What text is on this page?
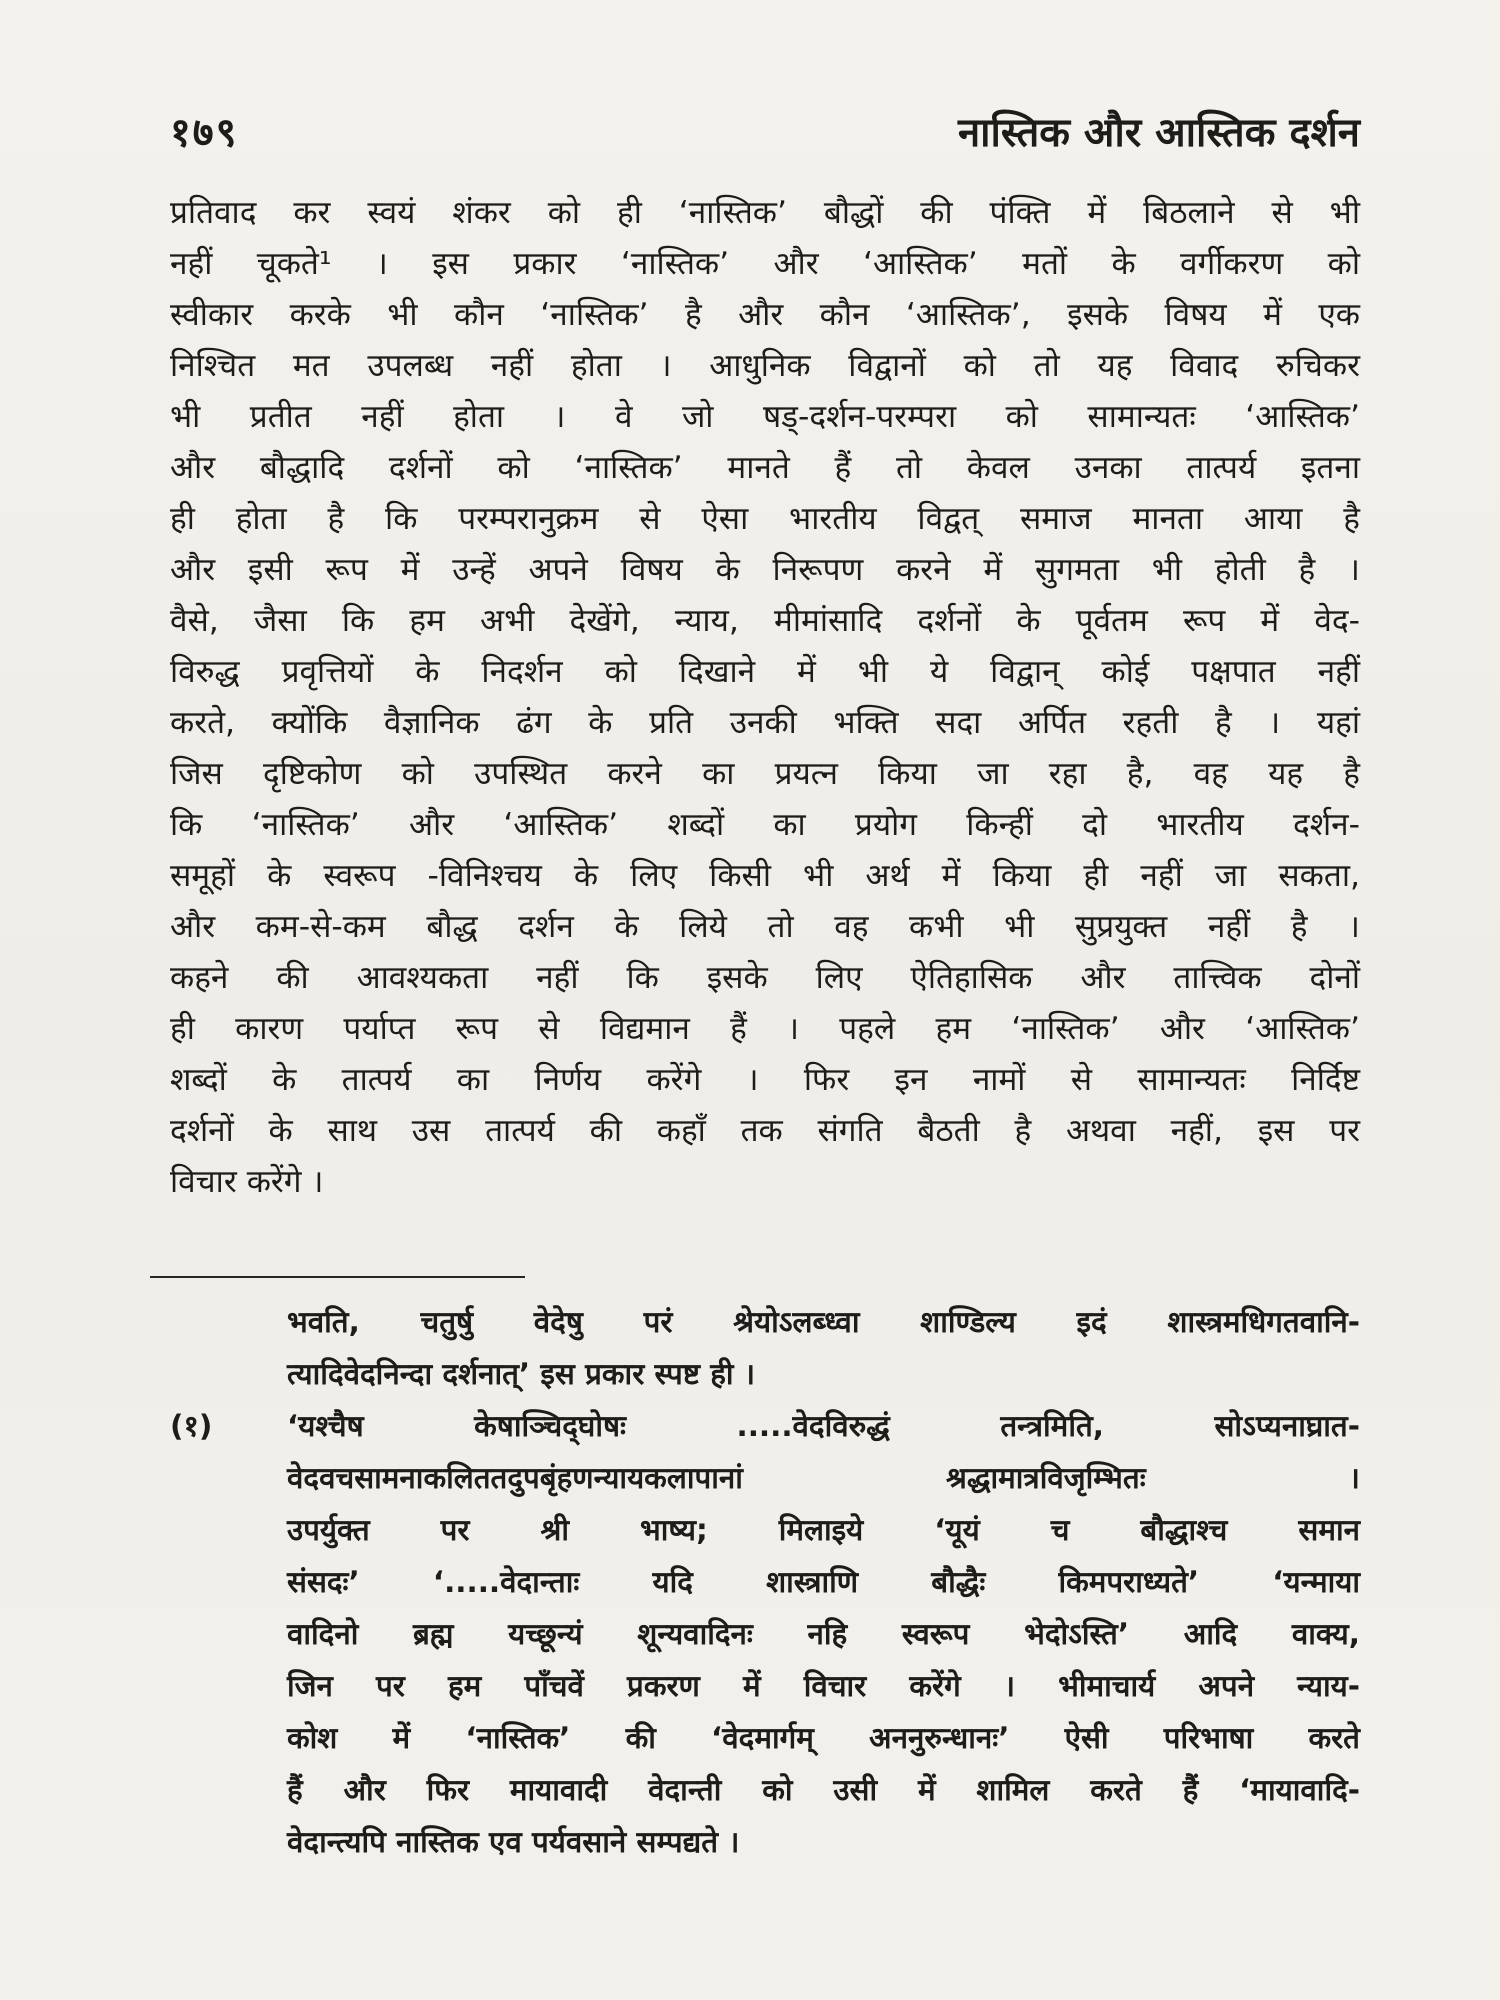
१७९	नास्तिक और आस्तिक दर्शन
प्रतिवाद कर स्वयं शंकर को ही ‘नास्तिक’ बौद्धों की पंक्ति में बिठलाने से भी
नहीं चूकते¹ । इस प्रकार ‘नास्तिक’ और ‘आस्तिक’ मतों के वर्गीकरण को
स्वीकार करके भी कौन ‘नास्तिक’ है और कौन ‘आस्तिक’, इसके विषय में एक
निश्चित मत उपलब्ध नहीं होता । आधुनिक विद्वानों को तो यह विवाद रुचिकर
भी प्रतीत नहीं होता । वे जो षड्-दर्शन-परम्परा को सामान्यतः ‘आस्तिक’
और बौद्धादि दर्शनों को ‘नास्तिक’ मानते हैं तो केवल उनका तात्पर्य इतना
ही होता है कि परम्परानुक्रम से ऐसा भारतीय विद्वत् समाज मानता आया है
और इसी रूप में उन्हें अपने विषय के निरूपण करने में सुगमता भी होती है ।
वैसे, जैसा कि हम अभी देखेंगे, न्याय, मीमांसादि दर्शनों के पूर्वतम रूप में वेद-
विरुद्ध प्रवृत्तियों के निदर्शन को दिखाने में भी ये विद्वान् कोई पक्षपात नहीं
करते, क्योंकि वैज्ञानिक ढंग के प्रति उनकी भक्ति सदा अर्पित रहती है । यहां
जिस दृष्टिकोण को उपस्थित करने का प्रयत्न किया जा रहा है, वह यह है
कि ‘नास्तिक’ और ‘आस्तिक’ शब्दों का प्रयोग किन्हीं दो भारतीय दर्शन-
समूहों के स्वरूप -विनिश्चय के लिए किसी भी अर्थ में किया ही नहीं जा सकता,
और कम-से-कम बौद्ध दर्शन के लिये तो वह कभी भी सुप्रयुक्त नहीं है ।
कहने की आवश्यकता नहीं कि इसके लिए ऐतिहासिक और तात्त्विक दोनों
ही कारण पर्याप्त रूप से विद्यमान हैं । पहले हम ‘नास्तिक’ और ‘आस्तिक’
शब्दों के तात्पर्य का निर्णय करेंगे । फिर इन नामों से सामान्यतः निर्दिष्ट
दर्शनों के साथ उस तात्पर्य की कहाँ तक संगति बैठती है अथवा नहीं, इस पर
विचार करेंगे ।
भवति, चतुर्षु वेदेषु परं श्रेयोऽलब्ध्वा शाण्डिल्य इदं शास्त्रमधिगतवानि-
त्यादिवेदनिन्दा दर्शनात्’ इस प्रकार स्पष्ट ही ।
(१)	‘यश्चैष केषाञ्चिद्‌घोषः .....वेदविरुद्धं तन्त्रमिति, सोऽप्यनाघ्रात-
वेदवचसामनाकलिततदुपबृंहणन्यायकलापानां श्रद्धामात्रविजृम्भितः ।
उपर्युक्त पर श्री भाष्य; मिलाइये ‘यूयं च बौद्धाश्च समान
संसदः’ ‘.....वेदान्ताः यदि शास्त्राणि बौद्धैः किमपराध्यते’ ‘यन्माया
वादिनो ब्रह्म यच्छून्यं शून्यवादिनः नहि स्वरूप भेदोऽस्ति’ आदि वाक्य,
जिन पर हम पाँचवें प्रकरण में विचार करेंगे । भीमाचार्य अपने न्याय-
कोश में ‘नास्तिक’ की ‘वेदमार्गम् अननुरुन्धानः’ ऐसी परिभाषा करते
हैं और फिर मायावादी वेदान्ती को उसी में शामिल करते हैं ‘मायावादि-
वेदान्त्यपि नास्तिक एव पर्यवसाने सम्पद्यते ।
